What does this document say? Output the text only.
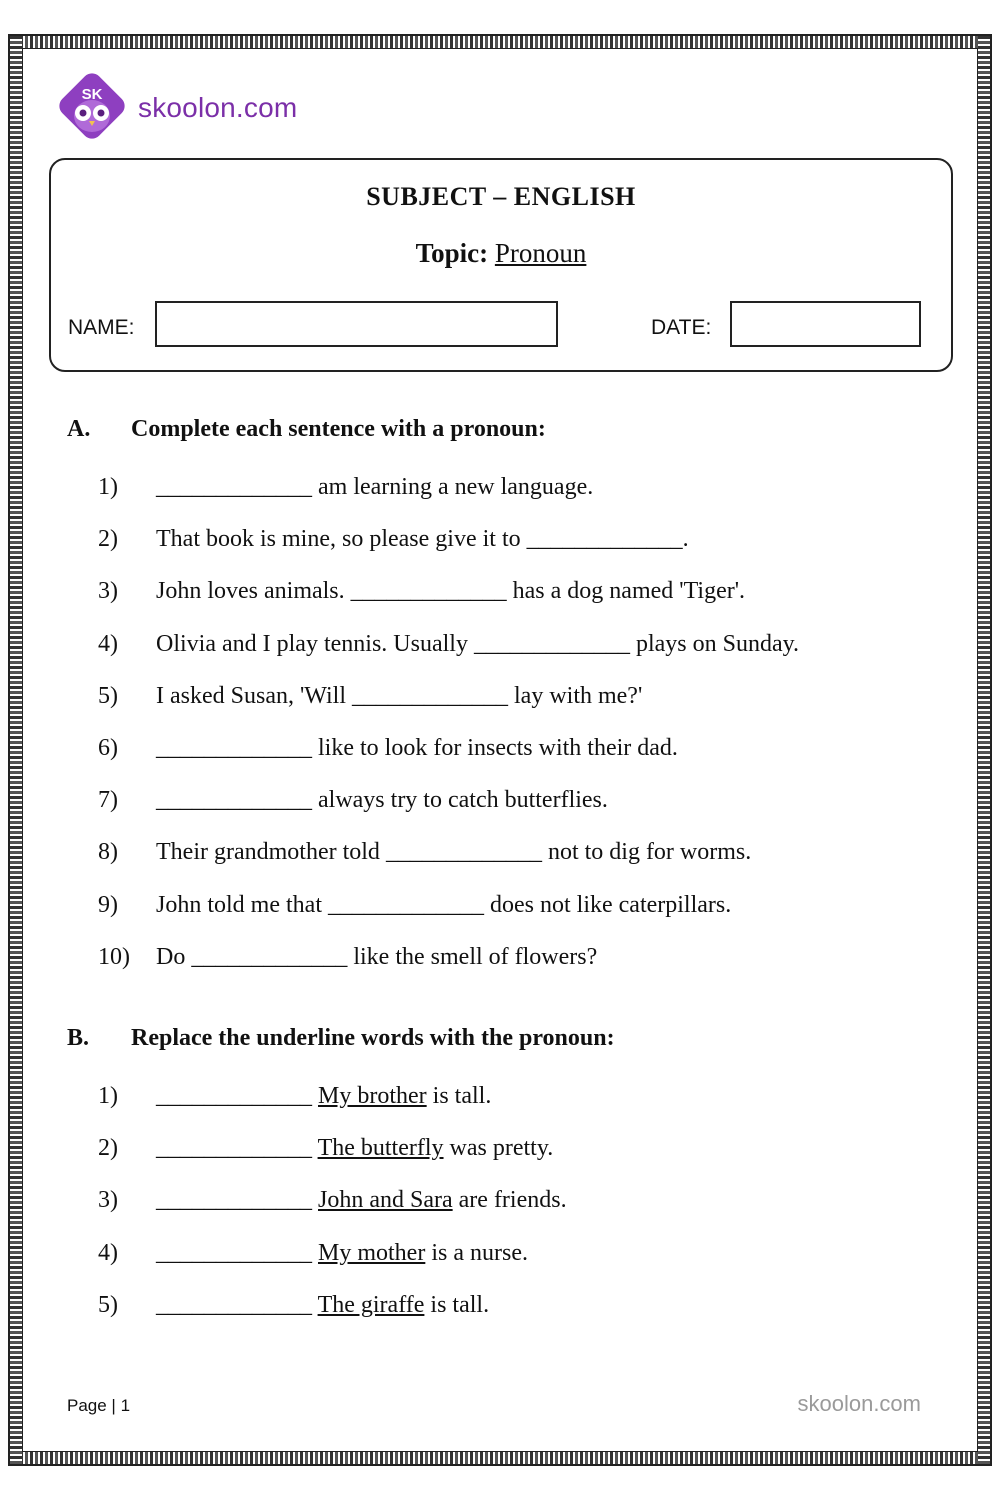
SK skoolon.com
SUBJECT – ENGLISH
Topic: Pronoun
NAME:	DATE:
A. Complete each sentence with a pronoun:
1) _____________ am learning a new language.
2) That book is mine, so please give it to _____________.
3) John loves animals. _____________ has a dog named 'Tiger'.
4) Olivia and I play tennis. Usually _____________ plays on Sunday.
5) I asked Susan, 'Will _____________ lay with me?'
6) _____________ like to look for insects with their dad.
7) _____________ always try to catch butterflies.
8) Their grandmother told _____________ not to dig for worms.
9) John told me that _____________ does not like caterpillars.
10) Do _____________ like the smell of flowers?
B. Replace the underline words with the pronoun:
1) _____________ My brother is tall.
2) _____________ The butterfly was pretty.
3) _____________ John and Sara are friends.
4) _____________ My mother is a nurse.
5) _____________ The giraffe is tall.
Page | 1	skoolon.com
